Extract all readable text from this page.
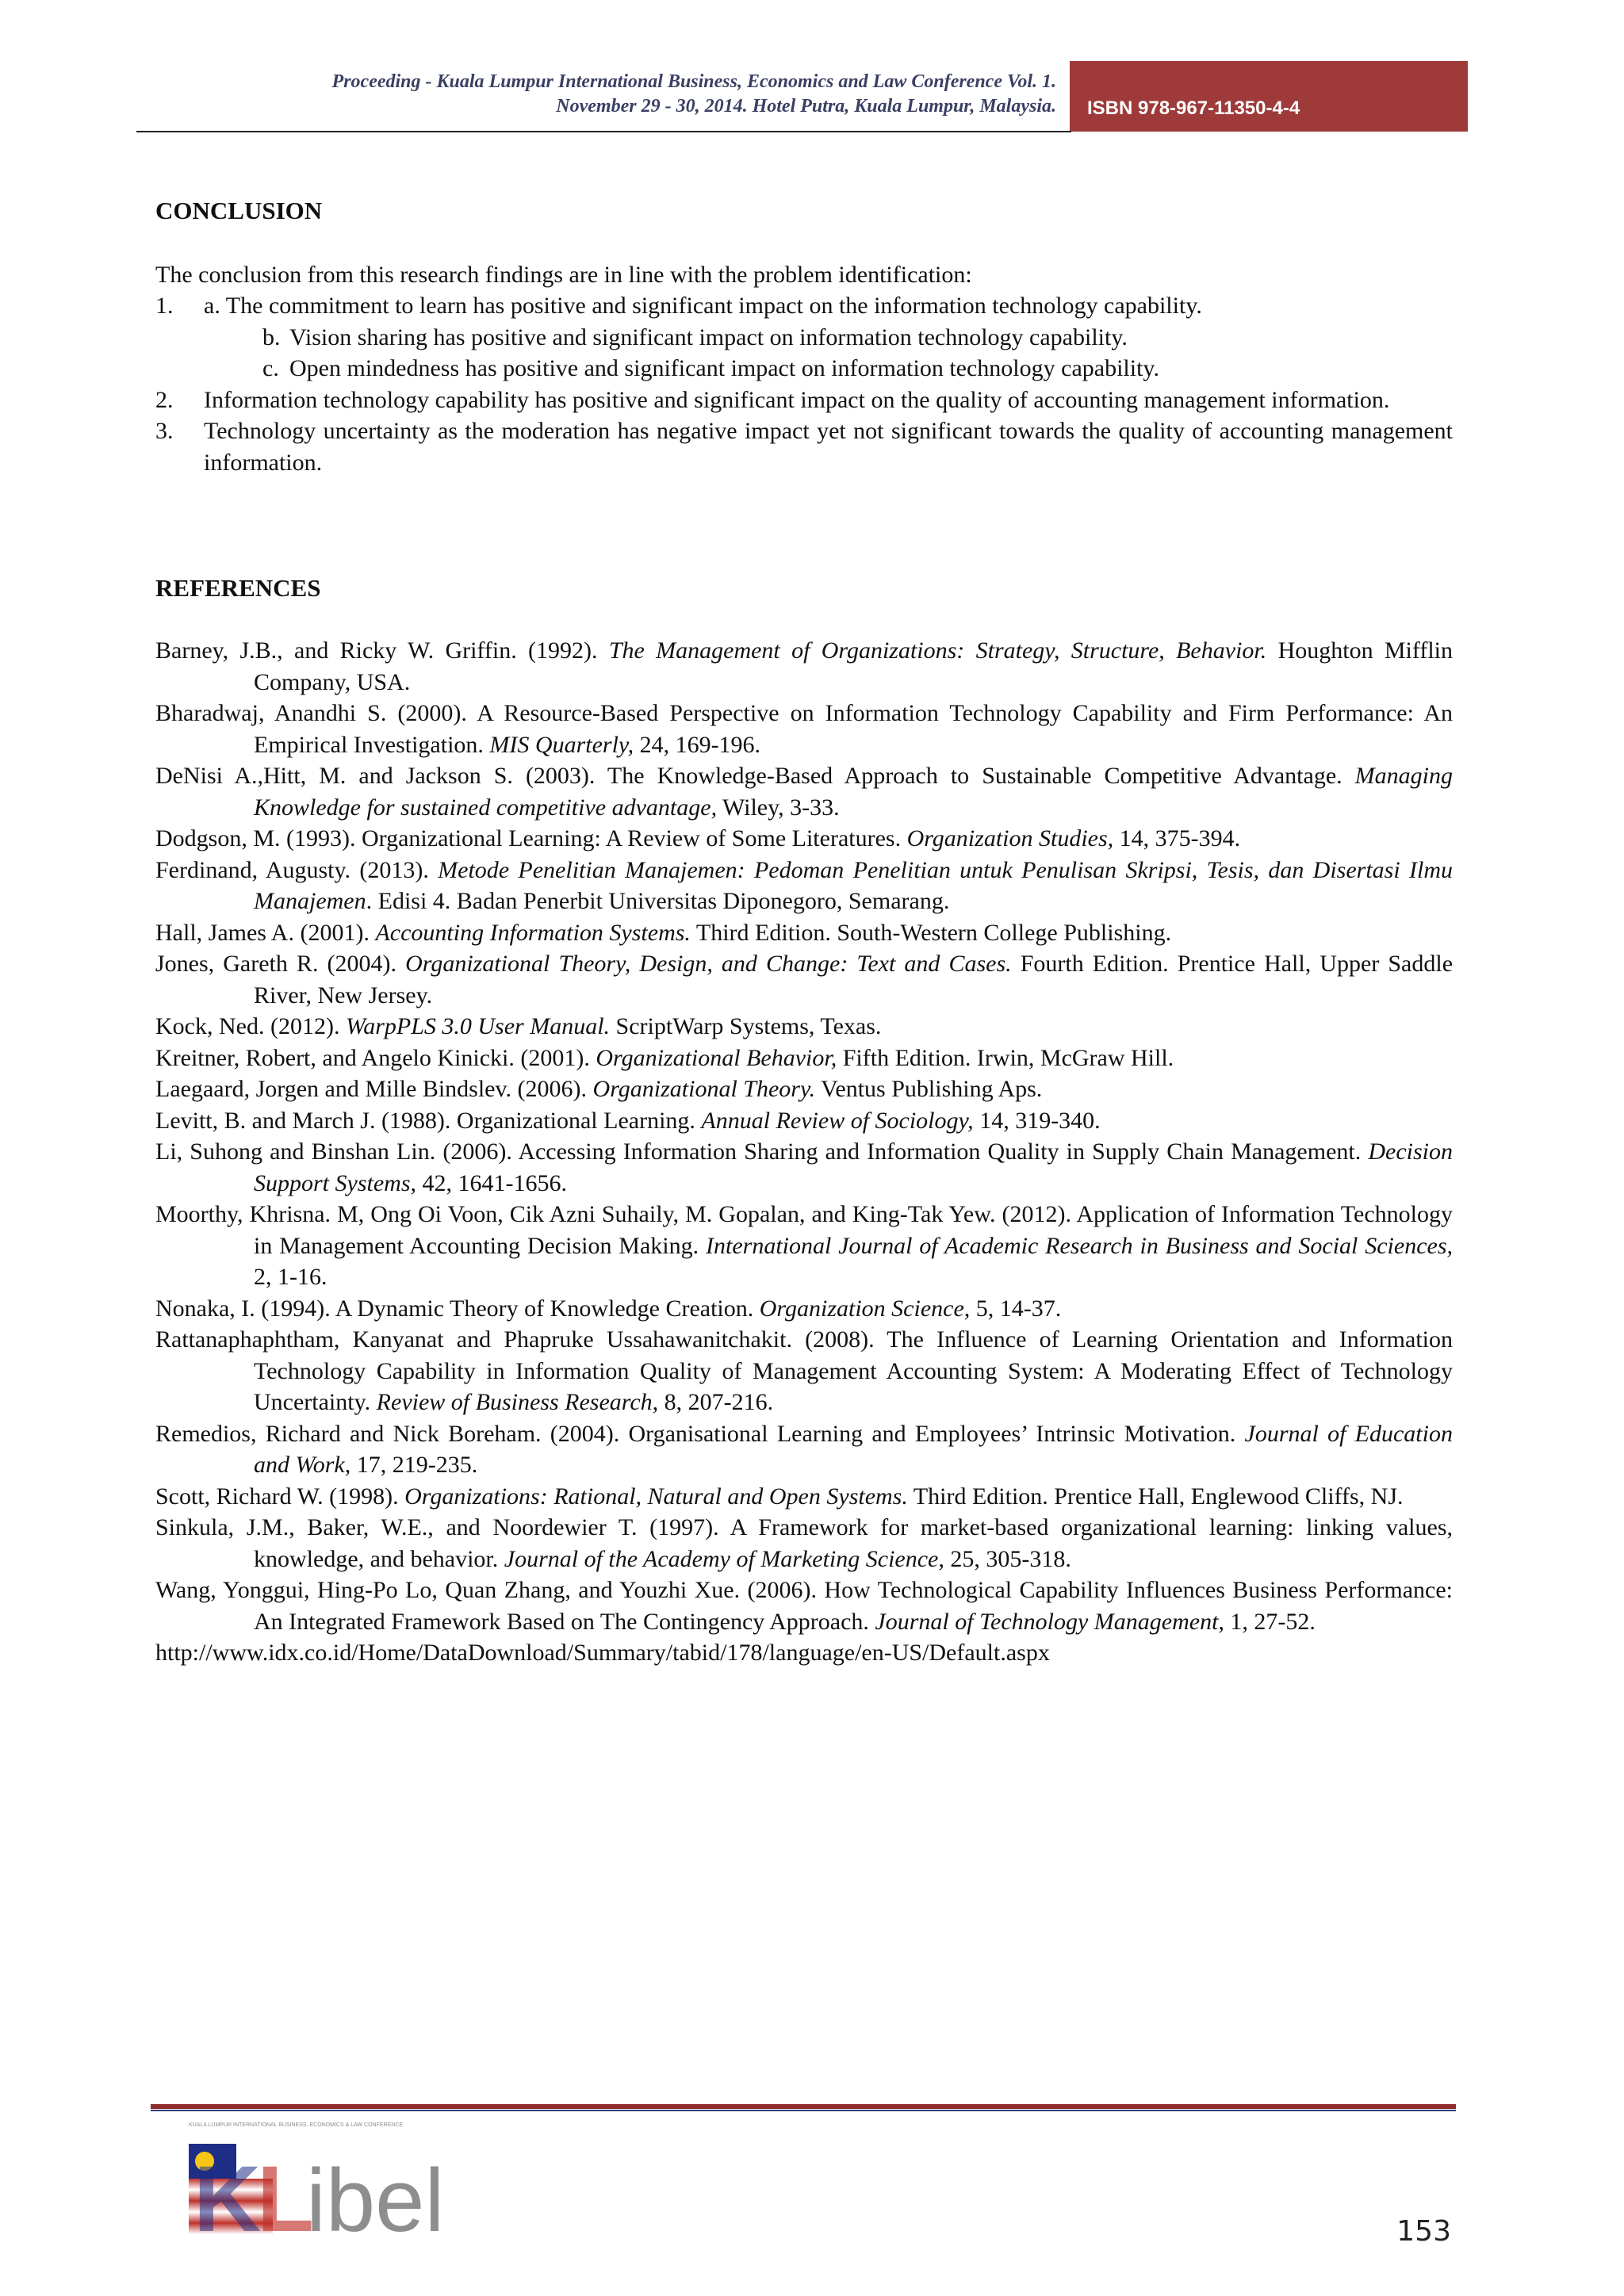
Proceeding - Kuala Lumpur International Business, Economics and Law Conference Vol. 1.
November 29 - 30, 2014. Hotel Putra, Kuala Lumpur, Malaysia.	ISBN 978-967-11350-4-4
CONCLUSION
The conclusion from this research findings are in line with the problem identification:
1. a. The commitment to learn has positive and significant impact on the information technology capability.
b. Vision sharing has positive and significant impact on information technology capability.
c. Open mindedness has positive and significant impact on information technology capability.
2. Information technology capability has positive and significant impact on the quality of accounting management information.
3. Technology uncertainty as the moderation has negative impact yet not significant towards the quality of accounting management information.
REFERENCES
Barney, J.B., and Ricky W. Griffin. (1992). The Management of Organizations: Strategy, Structure, Behavior. Houghton Mifflin Company, USA.
Bharadwaj, Anandhi S. (2000). A Resource-Based Perspective on Information Technology Capability and Firm Performance: An Empirical Investigation. MIS Quarterly, 24, 169-196.
DeNisi A.,Hitt, M. and Jackson S. (2003). The Knowledge-Based Approach to Sustainable Competitive Advantage. Managing Knowledge for sustained competitive advantage, Wiley, 3-33.
Dodgson, M. (1993). Organizational Learning: A Review of Some Literatures. Organization Studies, 14, 375-394.
Ferdinand, Augusty. (2013). Metode Penelitian Manajemen: Pedoman Penelitian untuk Penulisan Skripsi, Tesis, dan Disertasi Ilmu Manajemen. Edisi 4. Badan Penerbit Universitas Diponegoro, Semarang.
Hall, James A. (2001). Accounting Information Systems. Third Edition. South-Western College Publishing.
Jones, Gareth R. (2004). Organizational Theory, Design, and Change: Text and Cases. Fourth Edition. Prentice Hall, Upper Saddle River, New Jersey.
Kock, Ned. (2012). WarpPLS 3.0 User Manual. ScriptWarp Systems, Texas.
Kreitner, Robert, and Angelo Kinicki. (2001). Organizational Behavior, Fifth Edition. Irwin, McGraw Hill.
Laegaard, Jorgen and Mille Bindslev. (2006). Organizational Theory. Ventus Publishing Aps.
Levitt, B. and March J. (1988). Organizational Learning. Annual Review of Sociology, 14, 319-340.
Li, Suhong and Binshan Lin. (2006). Accessing Information Sharing and Information Quality in Supply Chain Management. Decision Support Systems, 42, 1641-1656.
Moorthy, Khrisna. M, Ong Oi Voon, Cik Azni Suhaily, M. Gopalan, and King-Tak Yew. (2012). Application of Information Technology in Management Accounting Decision Making. International Journal of Academic Research in Business and Social Sciences, 2, 1-16.
Nonaka, I. (1994). A Dynamic Theory of Knowledge Creation. Organization Science, 5, 14-37.
Rattanaphaphtham, Kanyanat and Phapruke Ussahawanitchakit. (2008). The Influence of Learning Orientation and Information Technology Capability in Information Quality of Management Accounting System: A Moderating Effect of Technology Uncertainty. Review of Business Research, 8, 207-216.
Remedios, Richard and Nick Boreham. (2004). Organisational Learning and Employees’ Intrinsic Motivation. Journal of Education and Work, 17, 219-235.
Scott, Richard W. (1998). Organizations: Rational, Natural and Open Systems. Third Edition. Prentice Hall, Englewood Cliffs, NJ.
Sinkula, J.M., Baker, W.E., and Noordewier T. (1997). A Framework for market-based organizational learning: linking values, knowledge, and behavior. Journal of the Academy of Marketing Science, 25, 305-318.
Wang, Yonggui, Hing-Po Lo, Quan Zhang, and Youzhi Xue. (2006). How Technological Capability Influences Business Performance: An Integrated Framework Based on The Contingency Approach. Journal of Technology Management, 1, 27-52.
http://www.idx.co.id/Home/DataDownload/Summary/tabid/178/language/en-US/Default.aspx
KUALA LUMPUR INTERNATIONAL BUSINESS, ECONOMICS & LAW CONFERENCE
K
L
ibel	153
